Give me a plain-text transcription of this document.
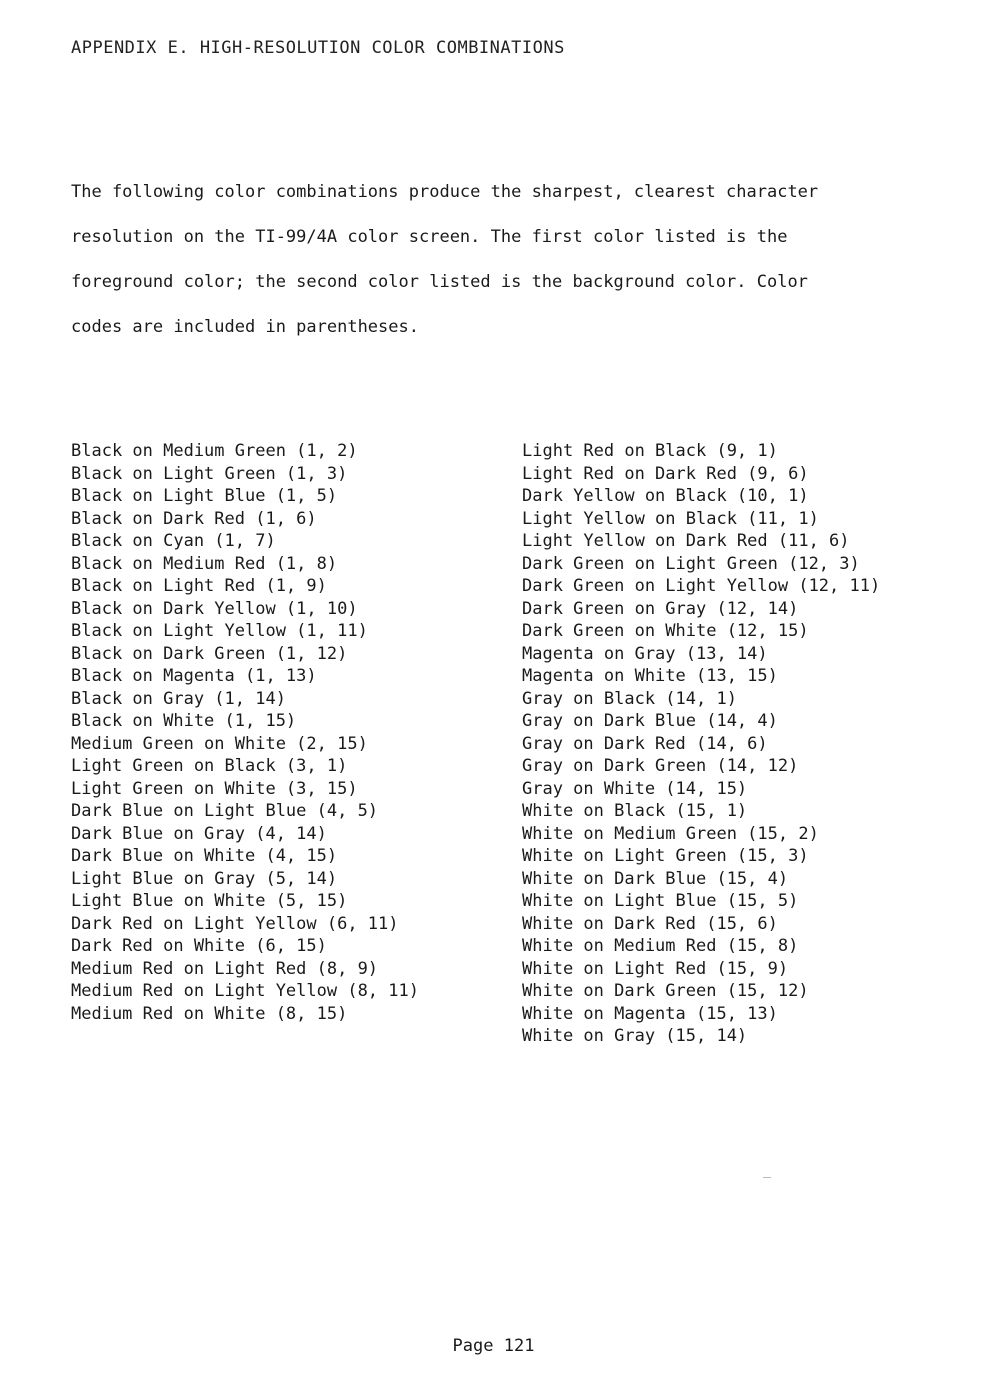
APPENDIX E. HIGH-RESOLUTION COLOR COMBINATIONS
The following color combinations produce the sharpest, clearest character
resolution on the TI-99/4A color screen. The first color listed is the
foreground color; the second color listed is the background color. Color
codes are included in parentheses.
Black on Medium Green (1, 2)
Black on Light Green (1, 3)
Black on Light Blue (1, 5)
Black on Dark Red (1, 6)
Black on Cyan (1, 7)
Black on Medium Red (1, 8)
Black on Light Red (1, 9)
Black on Dark Yellow (1, 10)
Black on Light Yellow (1, 11)
Black on Dark Green (1, 12)
Black on Magenta (1, 13)
Black on Gray (1, 14)
Black on White (1, 15)
Medium Green on White (2, 15)
Light Green on Black (3, 1)
Light Green on White (3, 15)
Dark Blue on Light Blue (4, 5)
Dark Blue on Gray (4, 14)
Dark Blue on White (4, 15)
Light Blue on Gray (5, 14)
Light Blue on White (5, 15)
Dark Red on Light Yellow (6, 11)
Dark Red on White (6, 15)
Medium Red on Light Red (8, 9)
Medium Red on Light Yellow (8, 11)
Medium Red on White (8, 15)
Light Red on Black (9, 1)
Light Red on Dark Red (9, 6)
Dark Yellow on Black (10, 1)
Light Yellow on Black (11, 1)
Light Yellow on Dark Red (11, 6)
Dark Green on Light Green (12, 3)
Dark Green on Light Yellow (12, 11)
Dark Green on Gray (12, 14)
Dark Green on White (12, 15)
Magenta on Gray (13, 14)
Magenta on White (13, 15)
Gray on Black (14, 1)
Gray on Dark Blue (14, 4)
Gray on Dark Red (14, 6)
Gray on Dark Green (14, 12)
Gray on White (14, 15)
White on Black (15, 1)
White on Medium Green (15, 2)
White on Light Green (15, 3)
White on Dark Blue (15, 4)
White on Light Blue (15, 5)
White on Dark Red (15, 6)
White on Medium Red (15, 8)
White on Light Red (15, 9)
White on Dark Green (15, 12)
White on Magenta (15, 13)
White on Gray (15, 14)
Page 121
